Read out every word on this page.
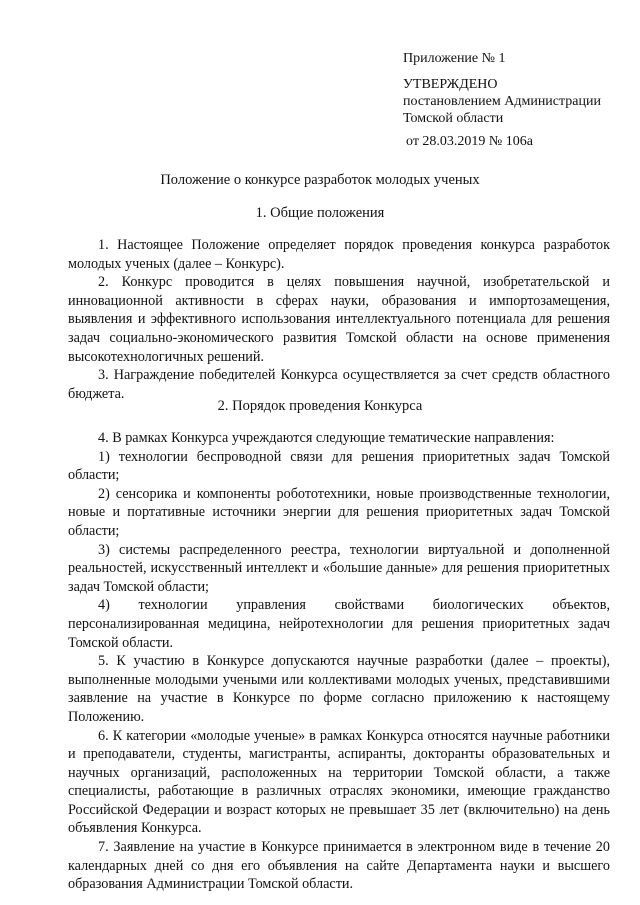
Приложение № 1
УТВЕРЖДЕНО
постановлением Администрации
Томской области
от 28.03.2019 № 106а
Положение о конкурсе разработок молодых ученых
1. Общие положения

1. Настоящее Положение определяет порядок проведения конкурса разработок молодых ученых (далее – Конкурс).

2. Конкурс проводится в целях повышения научной, изобретательской и инновационной активности в сферах науки, образования и импортозамещения, выявления и эффективного использования интеллектуального потенциала для решения задач социально-экономического развития Томской области на основе применения высокотехнологичных решений.

3. Награждение победителей Конкурса осуществляется за счет средств областного бюджета.

2. Порядок проведения Конкурса

4. В рамках Конкурса учреждаются следующие тематические направления:

1) технологии беспроводной связи для решения приоритетных задач Томской области;

2) сенсорика и компоненты робототехники, новые производственные технологии, новые и портативные источники энергии для решения приоритетных задач Томской области;

3) системы распределенного реестра, технологии виртуальной и дополненной реальностей, искусственный интеллект и «большие данные» для решения приоритетных задач Томской области;

4) технологии управления свойствами биологических объектов, персонализированная медицина, нейротехнологии для решения приоритетных задач Томской области.

5. К участию в Конкурсе допускаются научные разработки (далее – проекты), выполненные молодыми учеными или коллективами молодых ученых, представившими заявление на участие в Конкурсе по форме согласно приложению к настоящему Положению.

6. К категории «молодые ученые» в рамках Конкурса относятся научные работники и преподаватели, студенты, магистранты, аспиранты, докторанты образовательных и научных организаций, расположенных на территории Томской области, а также специалисты, работающие в различных отраслях экономики, имеющие гражданство Российской Федерации и возраст которых не превышает 35 лет (включительно) на день объявления Конкурса.

7. Заявление на участие в Конкурсе принимается в электронном виде в течение 20 календарных дней со дня его объявления на сайте Департамента науки и высшего образования Администрации Томской области.
